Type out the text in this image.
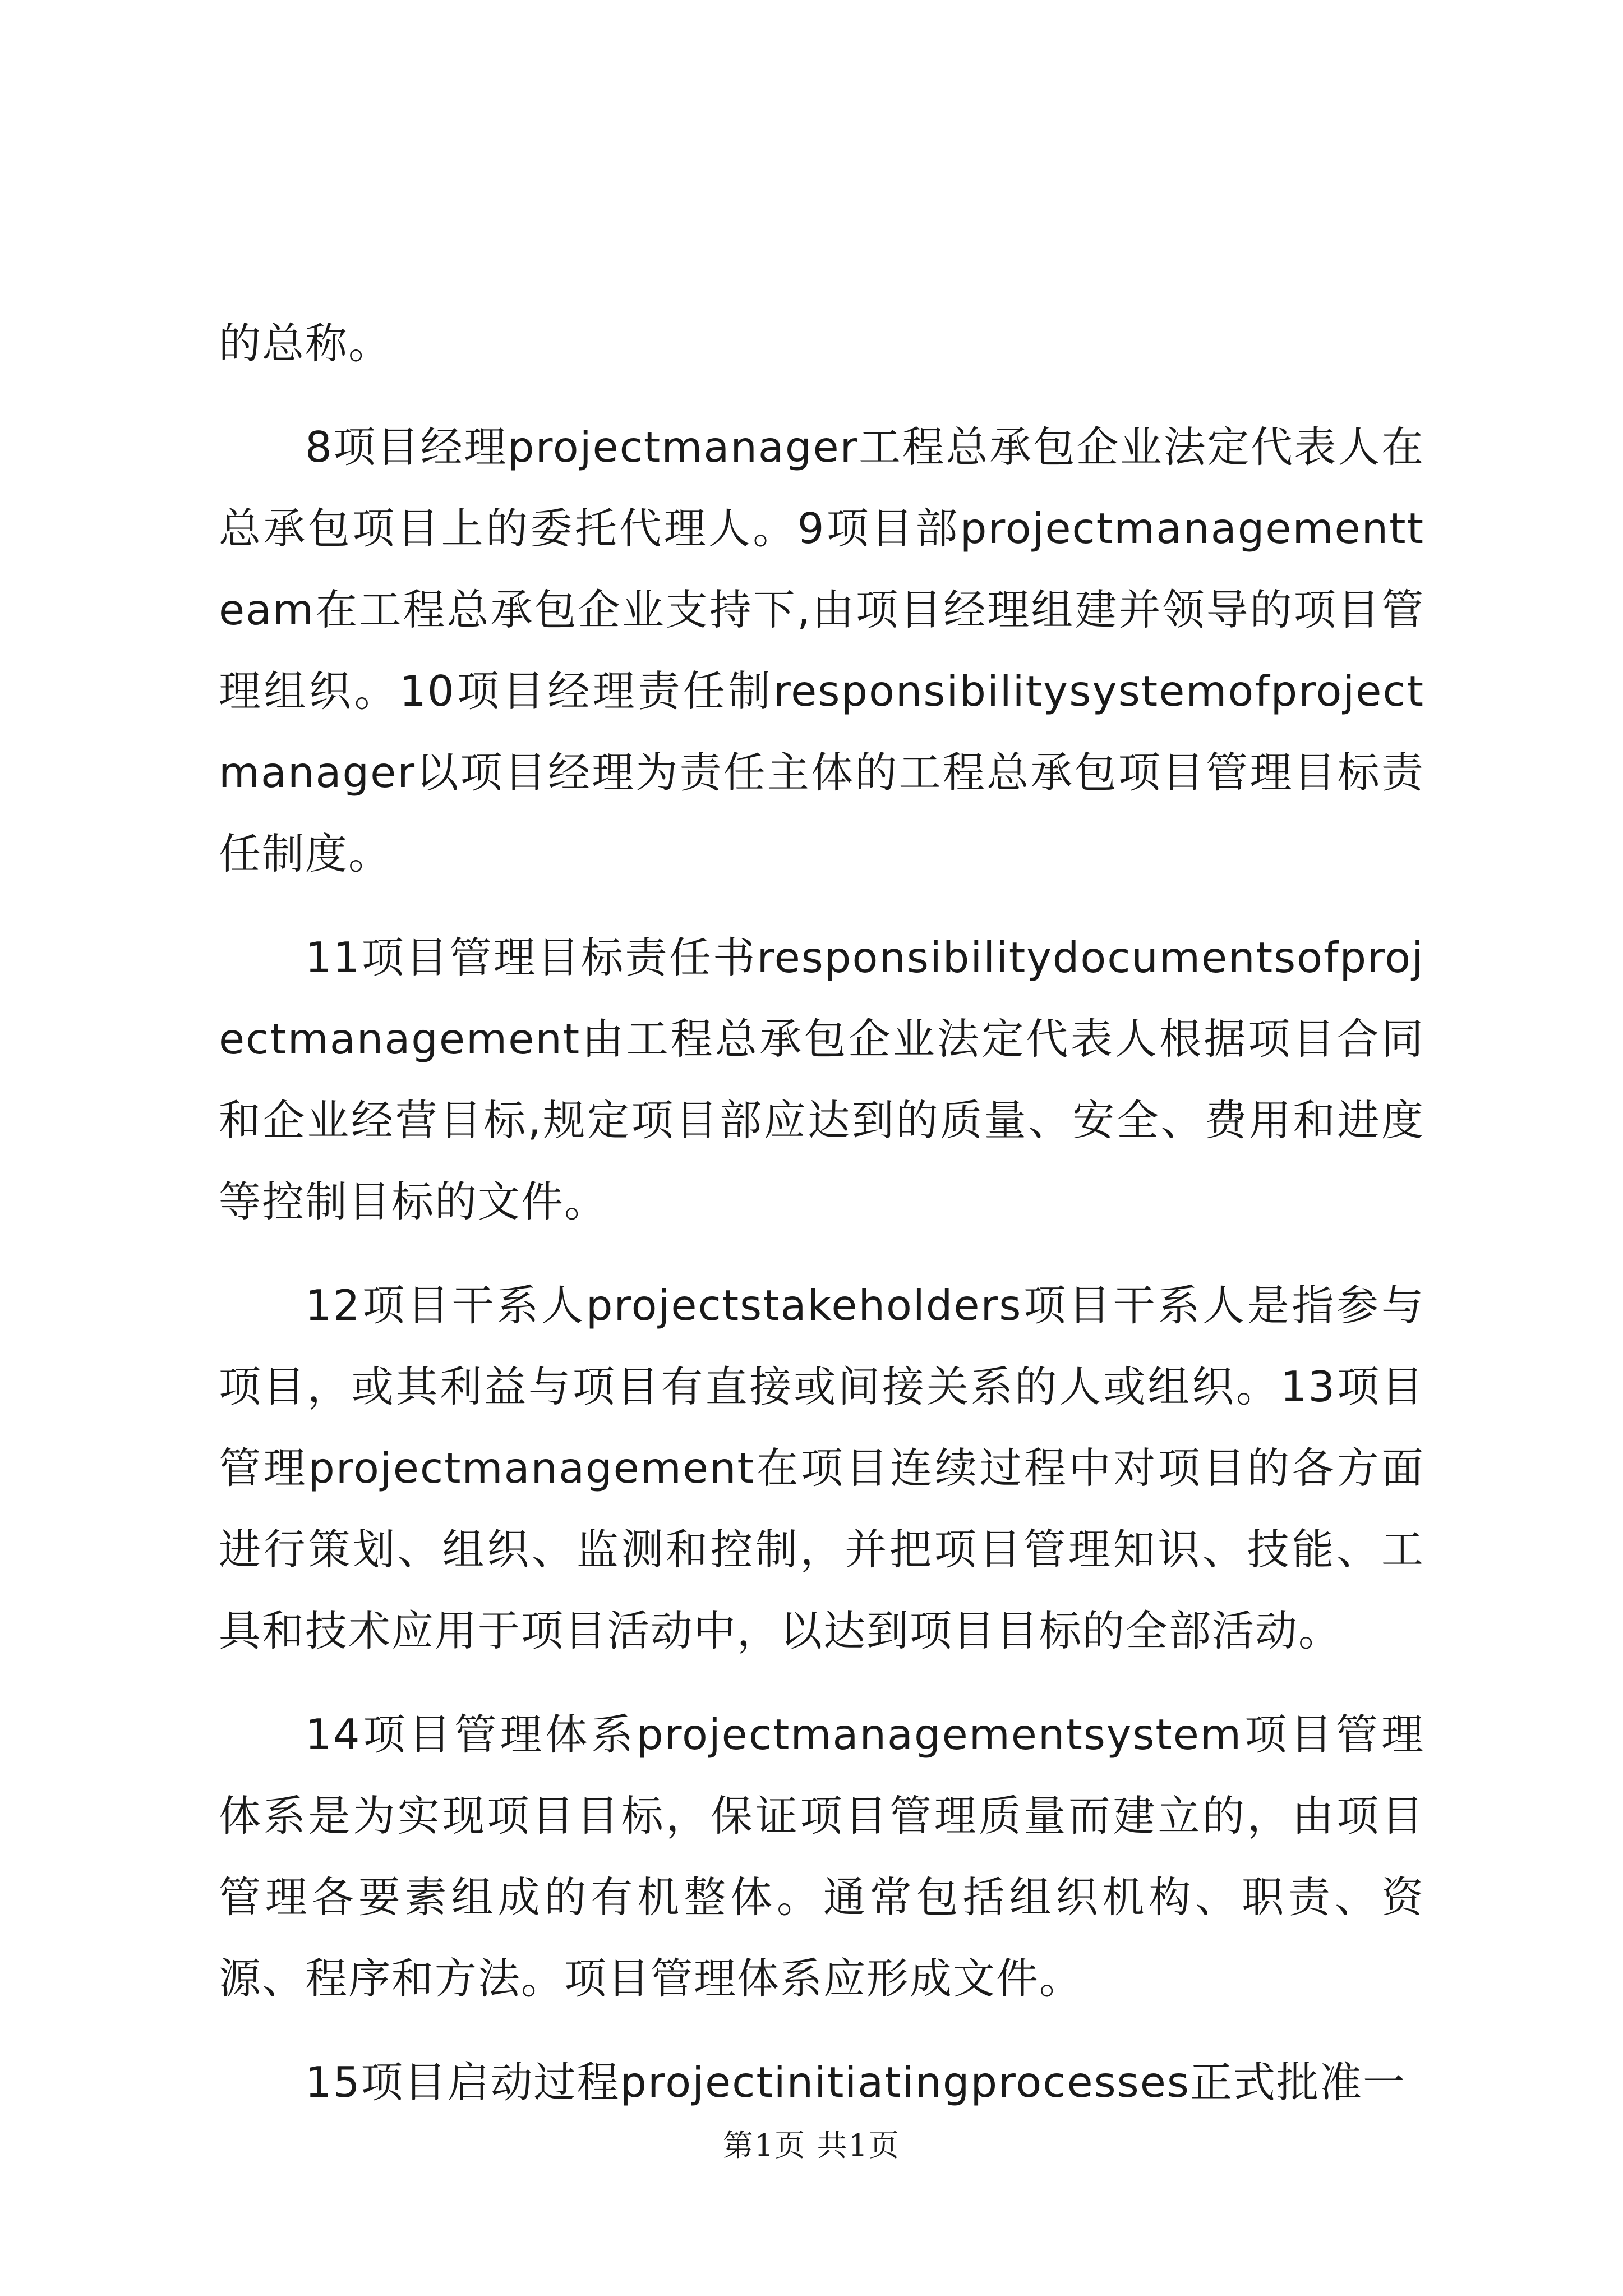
的总称。

8项目经理projectmanager工程总承包企业法定代表人在总承包项目上的委托代理人。9项目部projectmanagementteam在工程总承包企业支持下,由项目经理组建并领导的项目管理组织。10项目经理责任制responsibilitysystemofprojectmanager以项目经理为责任主体的工程总承包项目管理目标责任制度。

11项目管理目标责任书responsibilitydocumentsofprojectmanagement由工程总承包企业法定代表人根据项目合同和企业经营目标,规定项目部应达到的质量、安全、费用和进度等控制目标的文件。

12项目干系人projectstakeholders项目干系人是指参与项目，或其利益与项目有直接或间接关系的人或组织。13项目管理projectmanagement在项目连续过程中对项目的各方面进行策划、组织、监测和控制，并把项目管理知识、技能、工具和技术应用于项目活动中，以达到项目目标的全部活动。

14项目管理体系projectmanagementsystem项目管理体系是为实现项目目标，保证项目管理质量而建立的，由项目管理各要素组成的有机整体。通常包括组织机构、职责、资源、程序和方法。项目管理体系应形成文件。

15项目启动过程projectinitiatingprocesses正式批准一

第1页 共1页
